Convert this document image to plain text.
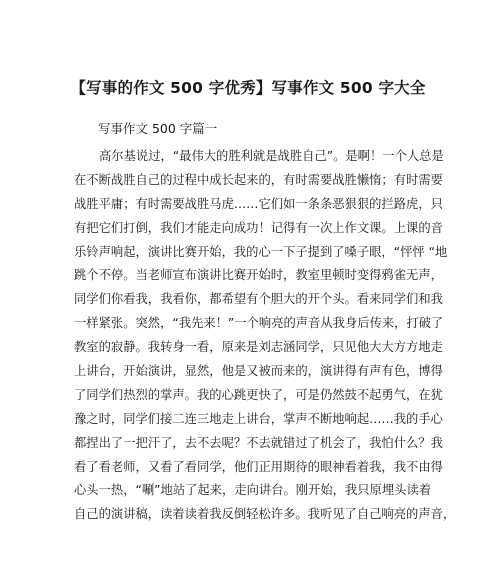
【写事的作文 500 字优秀】写事作文 500 字大全
写事作文 500 字篇一
高尔基说过，“最伟大的胜利就是战胜自己”。是啊！一个人总是
在不断战胜自己的过程中成长起来的，有时需要战胜懒惰；有时需要
战胜平庸；有时需要战胜马虎……它们如一条条恶狠狠的拦路虎，只
有把它们打倒，我们才能走向成功！记得有一次上作文课。上课的音
乐铃声响起，演讲比赛开始，我的心一下子提到了嗓子眼，“怦怦 “地
跳个不停。当老师宣布演讲比赛开始时，教室里顿时变得鸦雀无声，
同学们你看我，我看你，都希望有个胆大的开个头。看来同学们和我
一样紧张。突然，“我先来！”一个响亮的声音从我身后传来，打破了
教室的寂静。我转身一看，原来是刘志涵同学，只见他大大方方地走
上讲台，开始演讲，显然，他是又被而来的，演讲得有声有色，博得
了同学们热烈的掌声。我的心跳更快了，可是仍然鼓不起勇气，在犹
豫之时，同学们接二连三地走上讲台，掌声不断地响起……我的手心
都捏出了一把汗了，去不去呢？不去就错过了机会了，我怕什么？我
看了看老师，又看了看同学，他们正用期待的眼神看着我，我不由得
心头一热，“唰”地站了起来，走向讲台。刚开始，我只原埋头读着
自己的演讲稿，读着读着我反倒轻松许多。我听见了自己响亮的声音，
